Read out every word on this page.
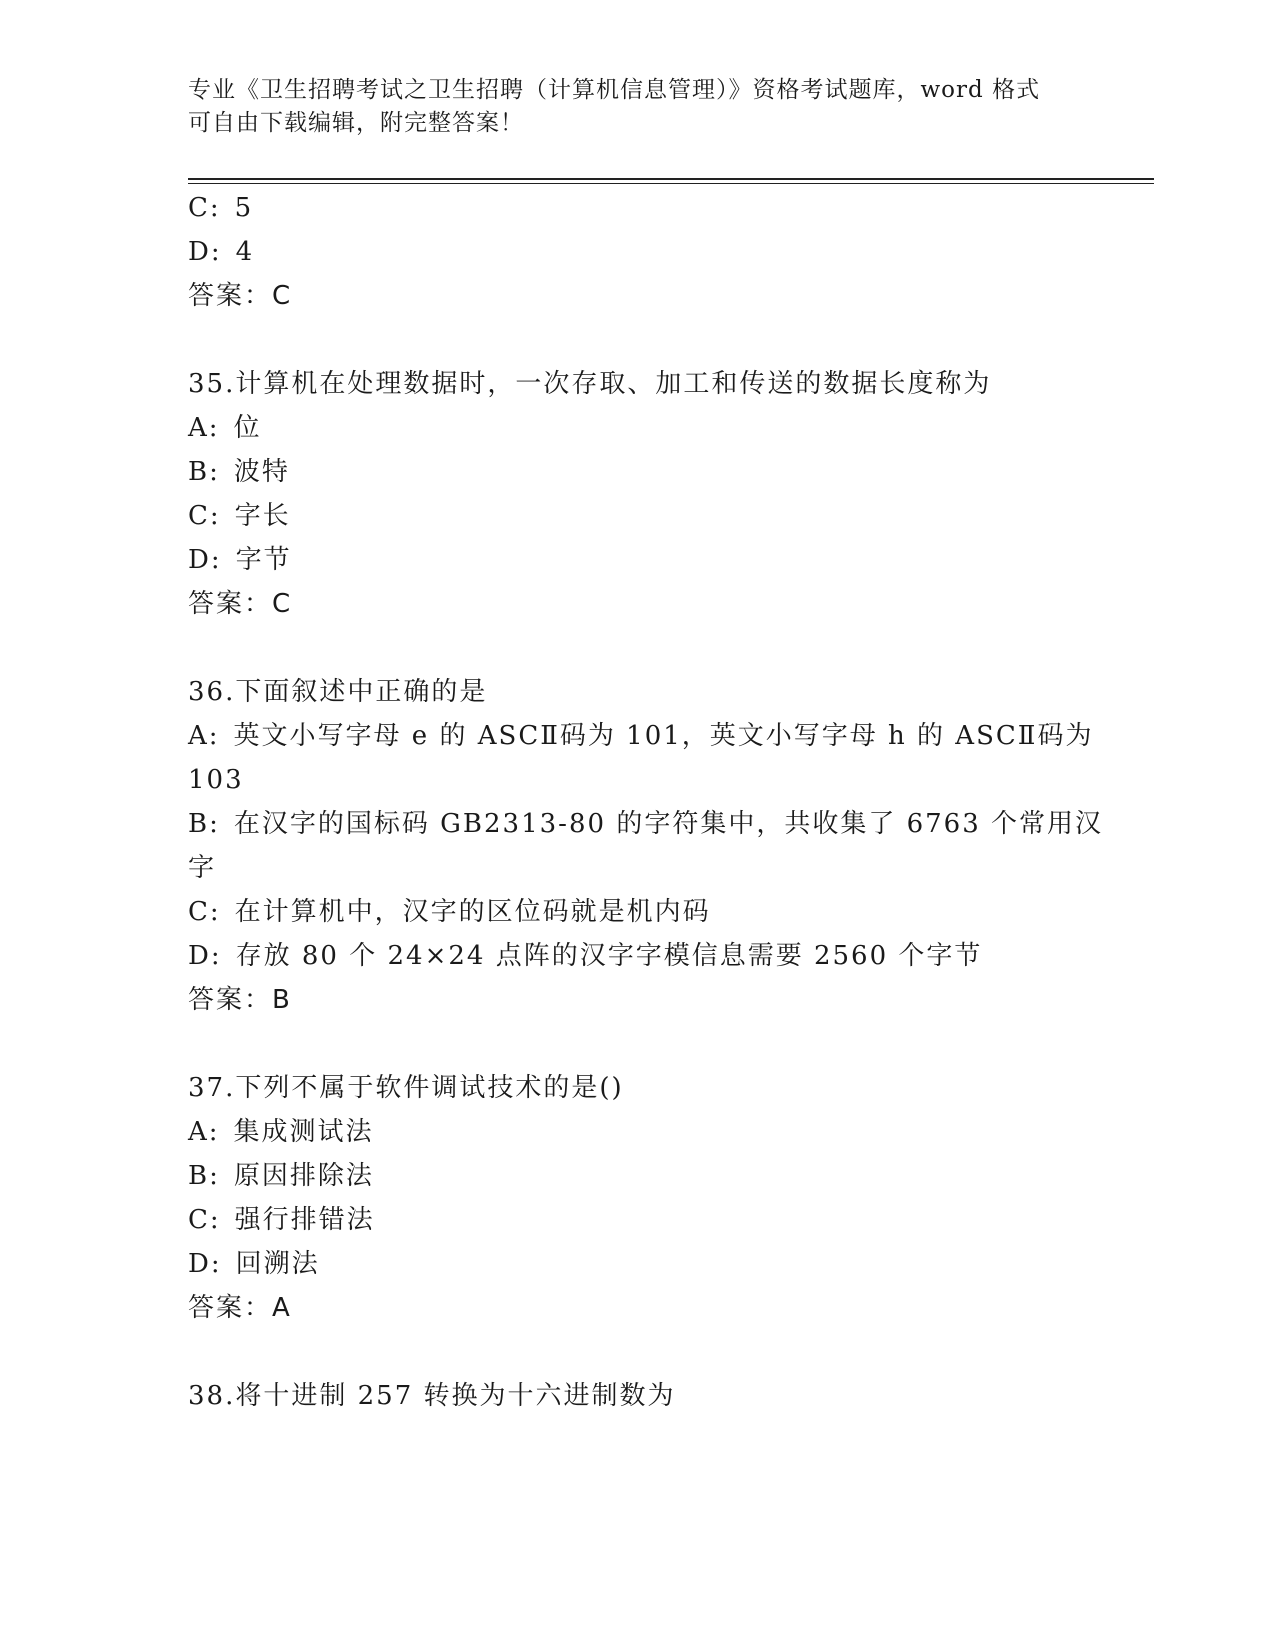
专业《卫生招聘考试之卫生招聘（计算机信息管理）》资格考试题库，word 格式
可自由下载编辑，附完整答案！
C: 5
D: 4
答案：C
35.计算机在处理数据时，一次存取、加工和传送的数据长度称为
A: 位
B: 波特
C: 字长
D: 字节
答案：C
36.下面叙述中正确的是
A: 英文小写字母 e 的 ASCⅡ码为 101，英文小写字母 h 的 ASCⅡ码为
103
B: 在汉字的国标码 GB2313-80 的字符集中，共收集了 6763 个常用汉
字
C: 在计算机中，汉字的区位码就是机内码
D: 存放 80 个 24×24 点阵的汉字字模信息需要 2560 个字节
答案：B
37.下列不属于软件调试技术的是()
A: 集成测试法
B: 原因排除法
C: 强行排错法
D: 回溯法
答案：A
38.将十进制 257 转换为十六进制数为
